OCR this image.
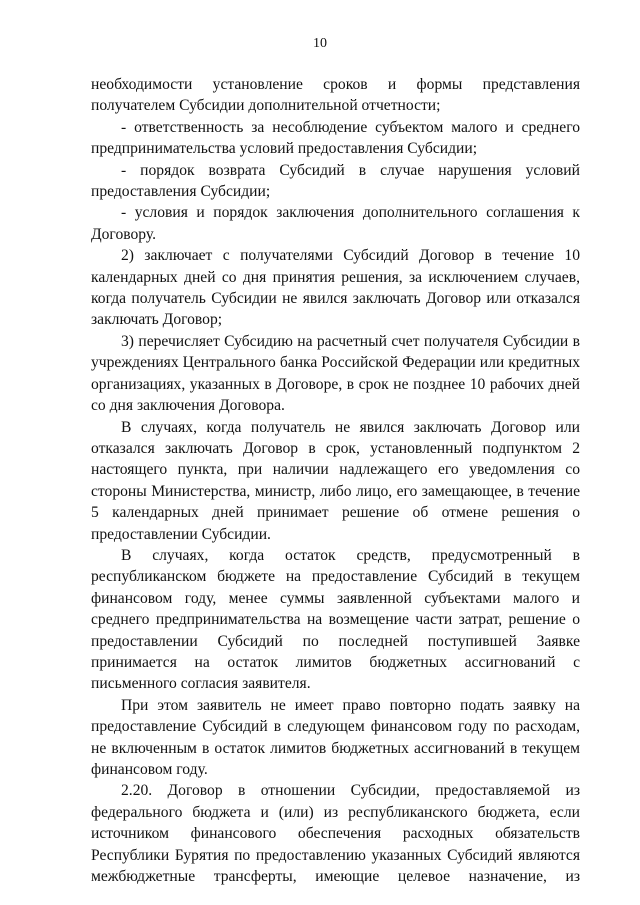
10

необходимости установление сроков и формы представления получателем Субсидии дополнительной отчетности;

- ответственность за несоблюдение субъектом малого и среднего предпринимательства условий предоставления Субсидии;

- порядок возврата Субсидий в случае нарушения условий предоставления Субсидии;

- условия и порядок заключения дополнительного соглашения к Договору.

2) заключает с получателями Субсидий Договор в течение 10 календарных дней со дня принятия решения, за исключением случаев, когда получатель Субсидии не явился заключать Договор или отказался заключать Договор;

3) перечисляет Субсидию на расчетный счет получателя Субсидии в учреждениях Центрального банка Российской Федерации или кредитных организациях, указанных в Договоре, в срок не позднее 10 рабочих дней со дня заключения Договора.

В случаях, когда получатель не явился заключать Договор или отказался заключать Договор в срок, установленный подпунктом 2 настоящего пункта, при наличии надлежащего его уведомления со стороны Министерства, министр, либо лицо, его замещающее, в течение 5 календарных дней принимает решение об отмене решения о предоставлении Субсидии.

В случаях, когда остаток средств, предусмотренный в республиканском бюджете на предоставление Субсидий в текущем финансовом году, менее суммы заявленной субъектами малого и среднего предпринимательства на возмещение части затрат, решение о предоставлении Субсидий по последней поступившей Заявке принимается на остаток лимитов бюджетных ассигнований с письменного согласия заявителя.

При этом заявитель не имеет право повторно подать заявку на предоставление Субсидий в следующем финансовом году по расходам, не включенным в остаток лимитов бюджетных ассигнований в текущем финансовом году.

2.20. Договор в отношении Субсидии, предоставляемой из федерального бюджета и (или) из республиканского бюджета, если источником финансового обеспечения расходных обязательств Республики Бурятия по предоставлению указанных Субсидий являются межбюджетные трансферты, имеющие целевое назначение, из
